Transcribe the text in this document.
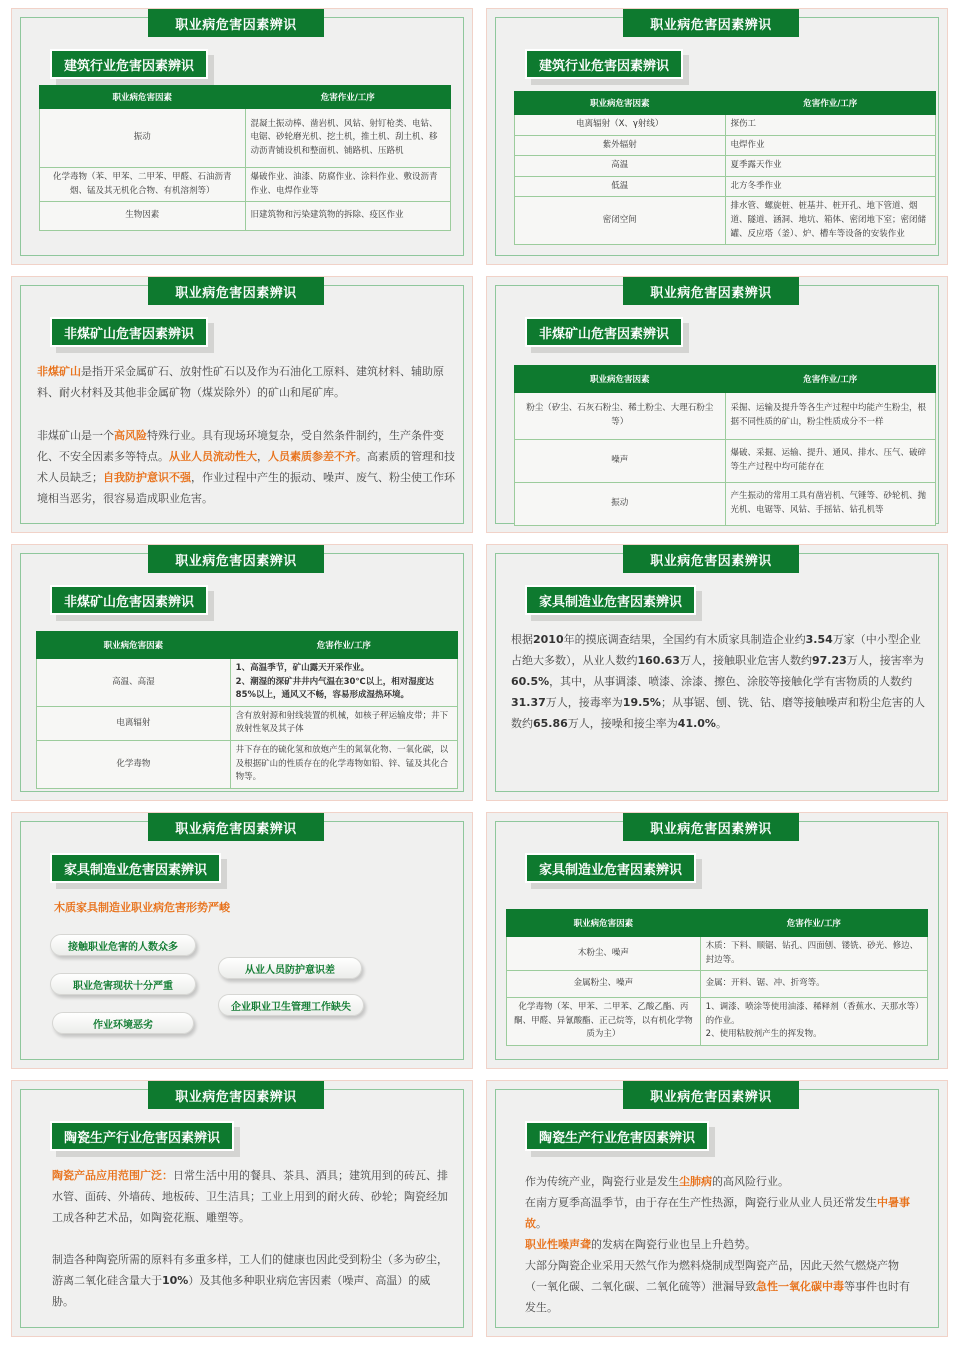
职业病危害因素辨识
建筑行业危害因素辨识
职业病危害因素	危害作业/工序
振动	混凝土振动棒、凿岩机、风钻、射钉枪类、电钻、电锯、砂轮磨光机、挖土机，推土机、刮土机、移动沥青铺设机和整面机、铺路机、压路机
化学毒物（苯、甲苯、二甲苯、甲醛、石油沥青烟、锰及其无机化合物、有机溶剂等）	爆破作业、油漆、防腐作业、涂料作业、敷设沥青作业、电焊作业等
生物因素	旧建筑物和污染建筑物的拆除、疫区作业
职业病危害因素辨识
建筑行业危害因素辨识
职业病危害因素	危害作业/工序
电离辐射（Ⅹ、γ射线）	探伤工
紫外辐射	电焊作业
高温	夏季露天作业
低温	北方冬季作业
密闭空间	排水管、螺旋桩、桩基井、桩开孔、地下管道、烟道、隧道、涵洞、地坑、箱体、密闭地下室；密闭储罐、反应塔（釜）、炉、槽车等设备的安装作业
职业病危害因素辨识
非煤矿山危害因素辨识
非煤矿山是指开采金属矿石、放射性矿石以及作为石油化工原料、建筑材料、辅助原料、耐火材料及其他非金属矿物（煤炭除外）的矿山和尾矿库。
非煤矿山是一个高风险特殊行业。具有现场环境复杂，受自然条件制约，生产条件变化、不安全因素多等特点。从业人员流动性大，人员素质参差不齐。高素质的管理和技术人员缺乏；自我防护意识不强，作业过程中产生的振动、噪声、废气、粉尘使工作环境相当恶劣，很容易造成职业危害。
职业病危害因素辨识
非煤矿山危害因素辨识
职业病危害因素	危害作业/工序
粉尘（矽尘、石灰石粉尘、稀土粉尘、大理石粉尘等）	采掘、运输及提升等各生产过程中均能产生粉尘，根据不同性质的矿山，粉尘性质成分不一样
噪声	爆破、采掘、运输、提升、通风、排水、压气、破碎等生产过程中均可能存在
振动	产生振动的常用工具有凿岩机、气锤等、砂轮机、抛光机、电锯等、风钻、手摇钻、钻孔机等
职业病危害因素辨识
非煤矿山危害因素辨识
职业病危害因素	危害作业/工序
高温、高湿	1、高温季节，矿山露天开采作业。
2、潮湿的深矿井井内气温在30℃以上，相对湿度达85%以上，通风又不畅，容易形成湿热环境。

电离辐射	含有放射源和射线装置的机械，如核子秤运输皮带；井下放射性氡及其子体
化学毒物	井下存在的硫化氢和放炮产生的氮氧化物、一氧化碳，以及根据矿山的性质存在的化学毒物如铅、锌、锰及其化合物等。
职业病危害因素辨识
家具制造业危害因素辨识
根据2010年的摸底调查结果，全国约有木质家具制造企业约3.54万家（中小型企业占绝大多数），从业人数约160.63万人，接触职业危害人数约97.23万人，接害率为60.5%，其中，从事调漆、喷漆、涂漆、擦色、涂胶等接触化学有害物质的人数约31.37万人，接毒率为19.5%；从事锯、刨、铣、钻、磨等接触噪声和粉尘危害的人数约65.86万人，接噪和接尘率为41.0%。
职业病危害因素辨识
家具制造业危害因素辨识
木质家具制造业职业病危害形势严峻
接触职业危害的人数众多
职业危害现状十分严重
作业环境恶劣
从业人员防护意识差
企业职业卫生管理工作缺失
职业病危害因素辨识
家具制造业危害因素辨识
职业病危害因素	危害作业/工序
木粉尘、噪声	木质：下料、顺锯、钻孔、四面刨、镂铣、砂光、修边、封边等。
金属粉尘、噪声	金属：开料、锯、冲、折弯等。
化学毒物（苯、甲苯、二甲苯、乙酸乙酯、丙酮、甲醛、异氰酸酯、正己烷等，以有机化学物质为主）	1、调漆、喷涂等使用油漆、稀释剂（香蕉水、天那水等）的作业。
2、使用粘胶剂产生的挥发物。
职业病危害因素辨识
陶瓷生产行业危害因素辨识
陶瓷产品应用范围广泛：日常生活中用的餐具、茶具、酒具；建筑用到的砖瓦、排水管、面砖、外墙砖、地板砖、卫生洁具；工业上用到的耐火砖、砂轮；陶瓷经加工成各种艺术品，如陶瓷花瓶、雕塑等。
制造各种陶瓷所需的原料有多重多样，工人们的健康也因此受到粉尘（多为矽尘，游离二氧化硅含量大于10%）及其他多种职业病危害因素（噪声、高温）的威胁。
职业病危害因素辨识
陶瓷生产行业危害因素辨识
作为传统产业，陶瓷行业是发生尘肺病的高风险行业。
在南方夏季高温季节，由于存在生产性热源，陶瓷行业从业人员还常发生中暑事故。
职业性噪声聋的发病在陶瓷行业也呈上升趋势。
大部分陶瓷企业采用天然气作为燃料烧制成型陶瓷产品，因此天然气燃烧产物（一氧化碳、二氧化碳、二氧化硫等）泄漏导致急性一氧化碳中毒等事件也时有发生。
